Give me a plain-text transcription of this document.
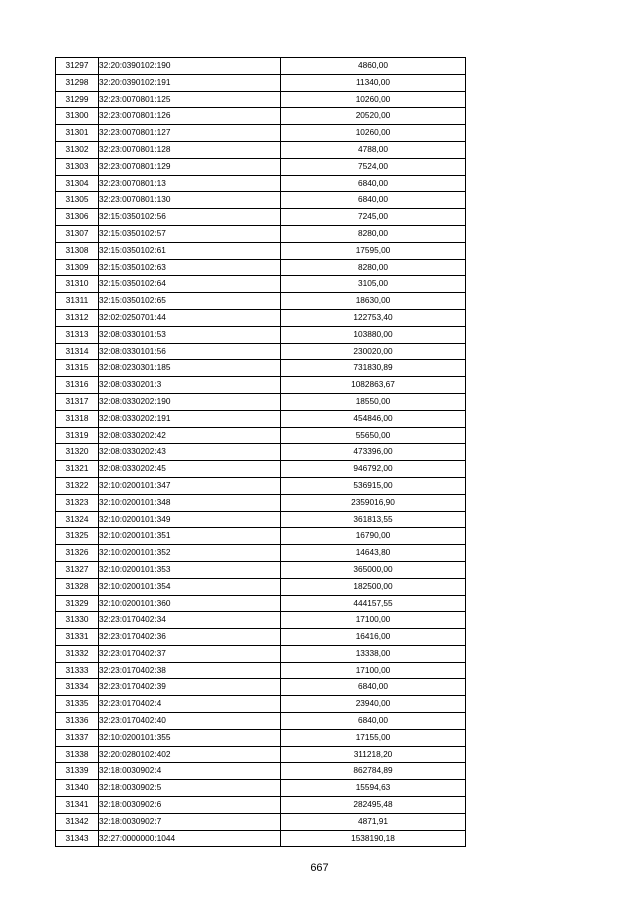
31297	32:20:0390102:190	4860,00
31298	32:20:0390102:191	11340,00
31299	32:23:0070801:125	10260,00
31300	32:23:0070801:126	20520,00
31301	32:23:0070801:127	10260,00
31302	32:23:0070801:128	4788,00
31303	32:23:0070801:129	7524,00
31304	32:23:0070801:13	6840,00
31305	32:23:0070801:130	6840,00
31306	32:15:0350102:56	7245,00
31307	32:15:0350102:57	8280,00
31308	32:15:0350102:61	17595,00
31309	32:15:0350102:63	8280,00
31310	32:15:0350102:64	3105,00
31311	32:15:0350102:65	18630,00
31312	32:02:0250701:44	122753,40
31313	32:08:0330101:53	103880,00
31314	32:08:0330101:56	230020,00
31315	32:08:0230301:185	731830,89
31316	32:08:0330201:3	1082863,67
31317	32:08:0330202:190	18550,00
31318	32:08:0330202:191	454846,00
31319	32:08:0330202:42	55650,00
31320	32:08:0330202:43	473396,00
31321	32:08:0330202:45	946792,00
31322	32:10:0200101:347	536915,00
31323	32:10:0200101:348	2359016,90
31324	32:10:0200101:349	361813,55
31325	32:10:0200101:351	16790,00
31326	32:10:0200101:352	14643,80
31327	32:10:0200101:353	365000,00
31328	32:10:0200101:354	182500,00
31329	32:10:0200101:360	444157,55
31330	32:23:0170402:34	17100,00
31331	32:23:0170402:36	16416,00
31332	32:23:0170402:37	13338,00
31333	32:23:0170402:38	17100,00
31334	32:23:0170402:39	6840,00
31335	32:23:0170402:4	23940,00
31336	32:23:0170402:40	6840,00
31337	32:10:0200101:355	17155,00
31338	32:20:0280102:402	311218,20
31339	32:18:0030902:4	862784,89
31340	32:18:0030902:5	15594,63
31341	32:18:0030902:6	282495,48
31342	32:18:0030902:7	4871,91
31343	32:27:0000000:1044	1538190,18
667
